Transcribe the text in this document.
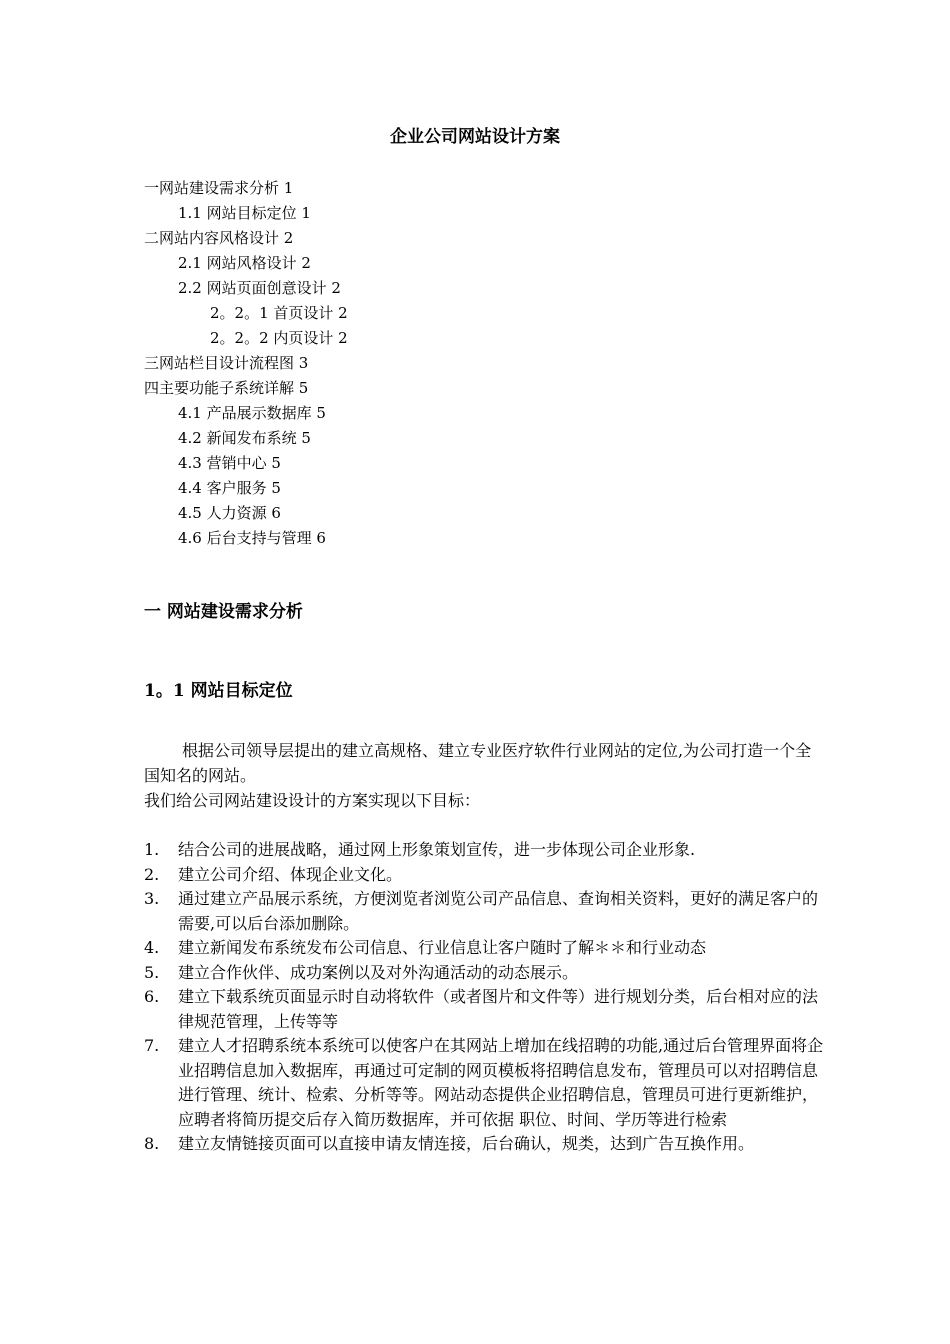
企业公司网站设计方案
一网站建设需求分析 1
1.1 网站目标定位 1
二网站内容风格设计 2
2.1 网站风格设计 2
2.2 网站页面创意设计 2
2。2。1 首页设计 2
2。2。2 内页设计 2
三网站栏目设计流程图 3
四主要功能子系统详解 5
4.1 产品展示数据库 5
4.2 新闻发布系统 5
4.3 营销中心 5
4.4 客户服务 5
4.5 人力资源 6
4.6 后台支持与管理 6
一 网站建设需求分析
1。1 网站目标定位

根据公司领导层提出的建立高规格、建立专业医疗软件行业网站的定位,为公司打造一个全国知名的网站。

我们给公司网站建设设计的方案实现以下目标：

1. 结合公司的进展战略，通过网上形象策划宣传，进一步体现公司企业形象.
2. 建立公司介绍、体现企业文化。
3. 通过建立产品展示系统，方便浏览者浏览公司产品信息、查询相关资料，更好的满足客户的需要,可以后台添加删除。
4. 建立新闻发布系统发布公司信息、行业信息让客户随时了解＊＊和行业动态
5. 建立合作伙伴、成功案例以及对外沟通活动的动态展示。
6. 建立下载系统页面显示时自动将软件（或者图片和文件等）进行规划分类，后台相对应的法律规范管理，上传等等
7. 建立人才招聘系统本系统可以使客户在其网站上增加在线招聘的功能,通过后台管理界面将企业招聘信息加入数据库，再通过可定制的网页模板将招聘信息发布，管理员可以对招聘信息进行管理、统计、检索、分析等等。网站动态提供企业招聘信息，管理员可进行更新维护，应聘者将简历提交后存入简历数据库，并可依据 职位、时间、学历等进行检索
8. 建立友情链接页面可以直接申请友情连接，后台确认，规类，达到广告互换作用。
